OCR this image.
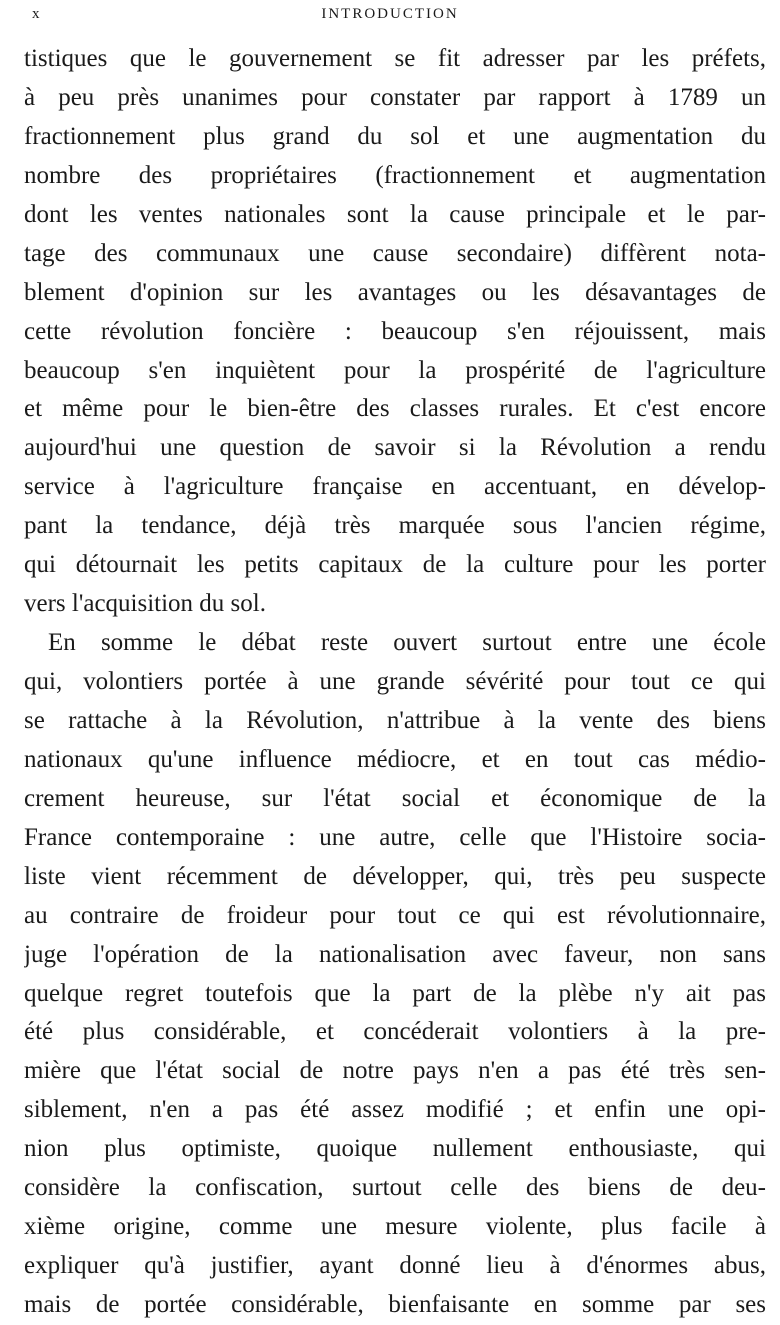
x	INTRODUCTION
tistiques que le gouvernement se fit adresser par les préfets,
à peu près unanimes pour constater par rapport à 1789 un
fractionnement plus grand du sol et une augmentation du
nombre des propriétaires (fractionnement et augmentation
dont les ventes nationales sont la cause principale et le par-
tage des communaux une cause secondaire) diffèrent nota-
blement d'opinion sur les avantages ou les désavantages de
cette révolution foncière : beaucoup s'en réjouissent, mais
beaucoup s'en inquiètent pour la prospérité de l'agriculture
et même pour le bien-être des classes rurales. Et c'est encore
aujourd'hui une question de savoir si la Révolution a rendu
service à l'agriculture française en accentuant, en dévelop-
pant la tendance, déjà très marquée sous l'ancien régime,
qui détournait les petits capitaux de la culture pour les porter
vers l'acquisition du sol.
En somme le débat reste ouvert surtout entre une école
qui, volontiers portée à une grande sévérité pour tout ce qui
se rattache à la Révolution, n'attribue à la vente des biens
nationaux qu'une influence médiocre, et en tout cas médio-
crement heureuse, sur l'état social et économique de la
France contemporaine : une autre, celle que l'Histoire socia-
liste vient récemment de développer, qui, très peu suspecte
au contraire de froideur pour tout ce qui est révolutionnaire,
juge l'opération de la nationalisation avec faveur, non sans
quelque regret toutefois que la part de la plèbe n'y ait pas
été plus considérable, et concéderait volontiers à la pre-
mière que l'état social de notre pays n'en a pas été très sen-
siblement, n'en a pas été assez modifié ; et enfin une opi-
nion plus optimiste, quoique nullement enthousiaste, qui
considère la confiscation, surtout celle des biens de deu-
xième origine, comme une mesure violente, plus facile à
expliquer qu'à justifier, ayant donné lieu à d'énormes abus,
mais de portée considérable, bienfaisante en somme par ses
